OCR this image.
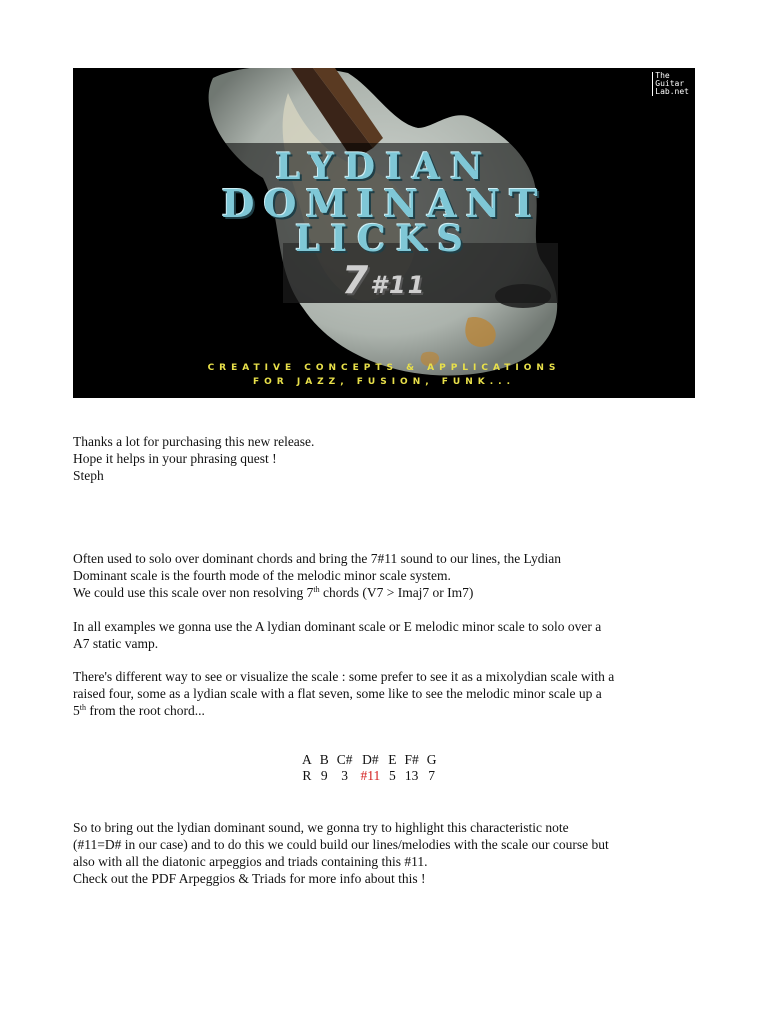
The
Guitar
Lab.net
LYDIAN
DOMINANT
LICKS
7#11
CREATIVE CONCEPTS & APPLICATIONS
FOR JAZZ, FUSION, FUNK...

Thanks a lot for purchasing this new release.

Hope it helps in your phrasing quest !

Steph

Often used to solo over dominant chords and bring the 7#11 sound to our lines, the Lydian

Dominant scale is the fourth mode of the melodic minor scale system.

We could use this scale over non resolving 7th chords (V7 > Imaj7 or Im7)

In all examples we gonna use the A lydian dominant scale or E melodic minor scale to solo over a

A7 static vamp.

There's different way to see or visualize the scale : some prefer to see it as a mixolydian scale with a

raised four, some as a lydian scale with a flat seven, some like to see the melodic minor scale up a

5th from the root chord...

A	B	C#	D#	E	F#	G
R	9	3	#11	5	13	7

So to bring out the lydian dominant sound, we gonna try to highlight this characteristic note

(#11=D# in our case) and to do this we could build our lines/melodies with the scale our course but

also with all the diatonic arpeggios and triads containing this #11.

Check out the PDF Arpeggios & Triads for more info about this !
